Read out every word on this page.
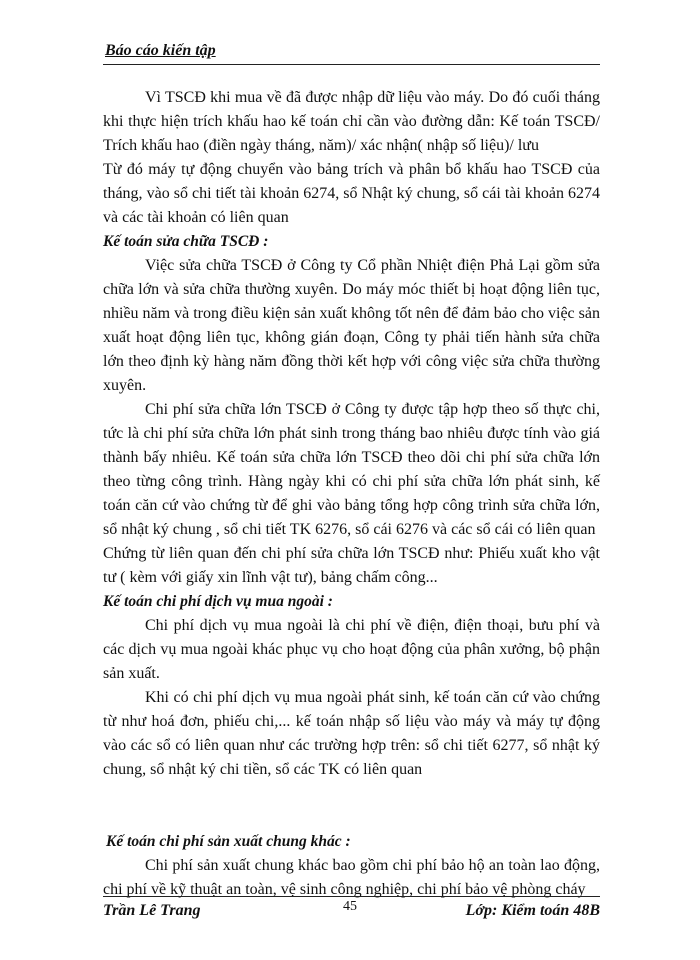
Báo cáo kiến tập

Vì TSCĐ khi mua về đã được nhập dữ liệu vào máy. Do đó cuối tháng khi thực hiện trích khấu hao kế toán chỉ cần vào đường dẫn: Kế toán TSCĐ/ Trích khấu hao (điền ngày tháng, năm)/ xác nhận( nhập số liệu)/ lưu

Từ đó máy tự động chuyển vào bảng trích và phân bổ khấu hao TSCĐ của tháng, vào sổ chi tiết tài khoản 6274, sổ Nhật ký chung, sổ cái tài khoản 6274 và các tài khoản có liên quan

Kế toán sửa chữa TSCĐ :

Việc sửa chữa TSCĐ ở Công ty Cổ phần Nhiệt điện Phả Lại gồm sửa chữa lớn và sửa chữa thường xuyên. Do máy móc thiết bị hoạt động liên tục, nhiều năm và trong điều kiện sản xuất không tốt nên để đảm bảo cho việc sản xuất hoạt động liên tục, không gián đoạn, Công ty phải tiến hành sửa chữa lớn theo định kỳ hàng năm đồng thời kết hợp với công việc sửa chữa thường xuyên.

Chi phí sửa chữa lớn TSCĐ ở Công ty được tập hợp theo số thực chi, tức là chi phí sửa chữa lớn phát sinh trong tháng bao nhiêu được tính vào giá thành bấy nhiêu. Kế toán sửa chữa lớn TSCĐ theo dõi chi phí sửa chữa lớn theo từng công trình. Hàng ngày khi có chi phí sửa chữa lớn phát sinh, kế toán căn cứ vào chứng từ để ghi vào bảng tổng hợp công trình sửa chữa lớn, sổ nhật ký chung , sổ chi tiết TK 6276, sổ cái 6276 và các sổ cái có liên quan

Chứng từ liên quan đến chi phí sửa chữa lớn TSCĐ như: Phiếu xuất kho vật tư ( kèm với giấy xin lĩnh vật tư), bảng chấm công...

Kế toán chi phí dịch vụ mua ngoài :

Chi phí dịch vụ mua ngoài là chi phí về điện, điện thoại, bưu phí và các dịch vụ mua ngoài khác phục vụ cho hoạt động của phân xưởng, bộ phận sản xuất.

Khi có chi phí dịch vụ mua ngoài phát sinh, kế toán căn cứ vào chứng từ như hoá đơn, phiếu chi,... kế toán nhập số liệu vào máy và máy tự động vào các sổ có liên quan như các trường hợp trên: sổ chi tiết 6277, sổ nhật ký chung, sổ nhật ký chi tiền, sổ các TK có liên quan

Kế toán chi phí sản xuất chung khác :

Chi phí sản xuất chung khác bao gồm chi phí bảo hộ an toàn lao động, chi phí về kỹ thuật an toàn, vệ sinh công nghiệp, chi phí bảo vệ phòng cháy

Trần Lê Trang	45	Lớp: Kiểm toán 48B
